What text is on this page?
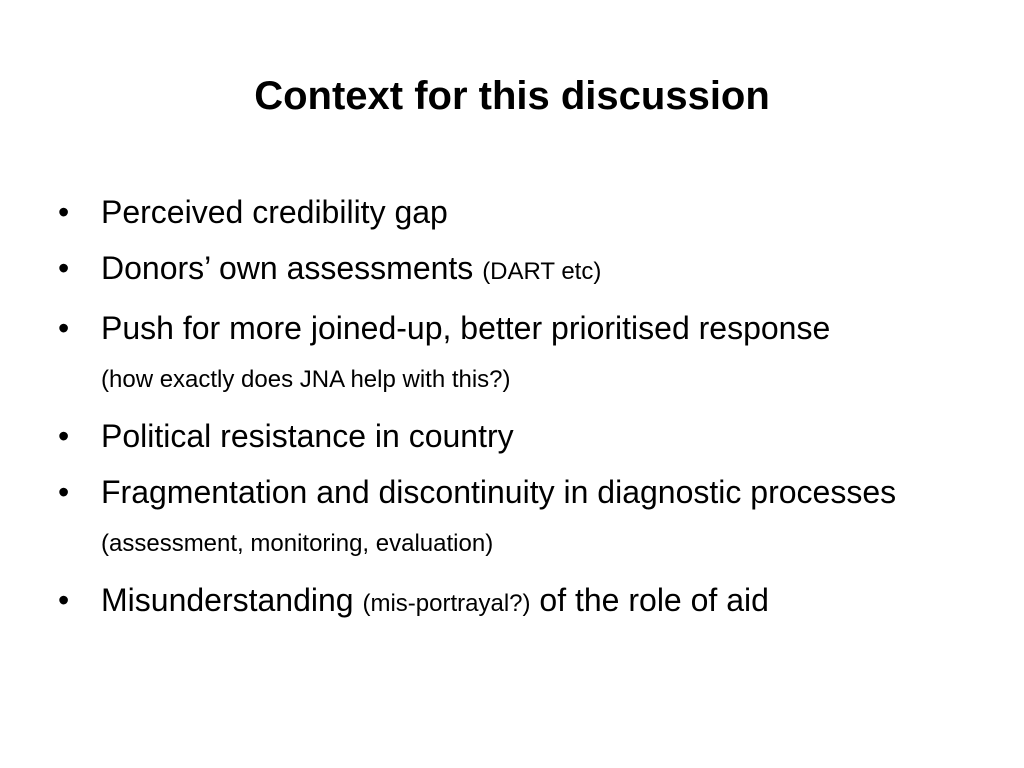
Context for this discussion
• Perceived credibility gap
• Donors’ own assessments (DART etc)
• Push for more joined-up, better prioritised response (how exactly does JNA help with this?)
• Political resistance in country
• Fragmentation and discontinuity in diagnostic processes (assessment, monitoring, evaluation)
• Misunderstanding (mis-portrayal?) of the role of aid
